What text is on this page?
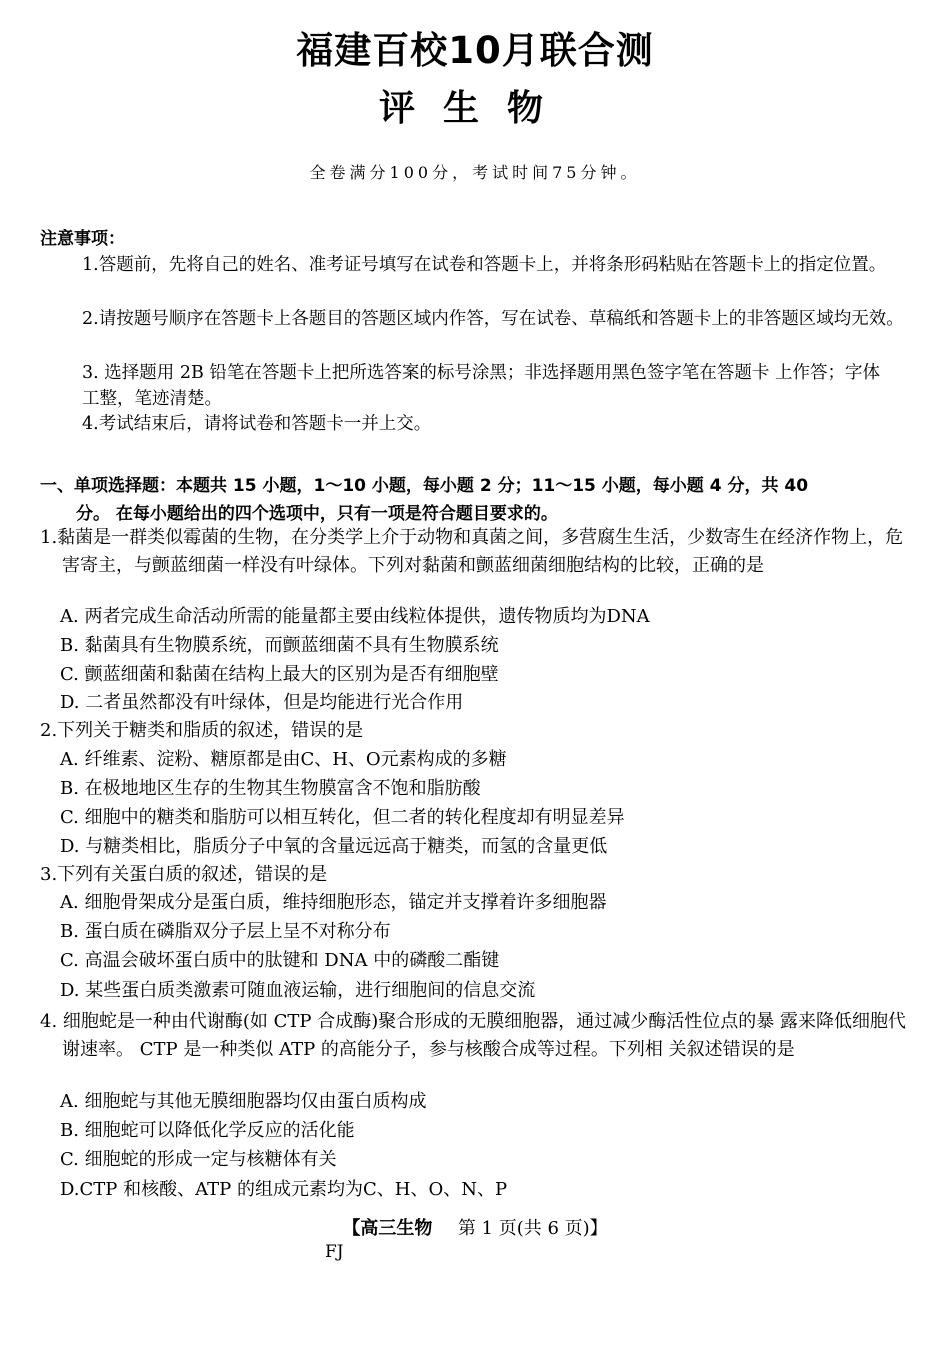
福建百校10月联合测
评生物
全卷满分100分，考试时间75分钟。
注意事项：
1.答题前，先将自己的姓名、准考证号填写在试卷和答题卡上，并将条形码粘贴在答题卡上的指定位置。
2.请按题号顺序在答题卡上各题目的答题区域内作答，写在试卷、草稿纸和答题卡上的非答题区域均无效。
3. 选择题用 2B 铅笔在答题卡上把所选答案的标号涂黑；非选择题用黑色签字笔在答题卡 上作答；字体工整，笔迹清楚。
4.考试结束后，请将试卷和答题卡一并上交。
一、单项选择题：本题共 15 小题，1～10 小题，每小题 2 分；11～15 小题，每小题 4 分，共 40
分。 在每小题给出的四个选项中，只有一项是符合题目要求的。
1.黏菌是一群类似霉菌的生物，在分类学上介于动物和真菌之间，多营腐生生活，少数寄生在经济作物上，危害寄主，与颤蓝细菌一样没有叶绿体。下列对黏菌和颤蓝细菌细胞结构的比较，正确的是
A. 两者完成生命活动所需的能量都主要由线粒体提供，遗传物质均为DNA
B. 黏菌具有生物膜系统，而颤蓝细菌不具有生物膜系统
C. 颤蓝细菌和黏菌在结构上最大的区别为是否有细胞壁
D. 二者虽然都没有叶绿体，但是均能进行光合作用
2.下列关于糖类和脂质的叙述，错误的是
A. 纤维素、淀粉、糖原都是由C、H、O元素构成的多糖
B. 在极地地区生存的生物其生物膜富含不饱和脂肪酸
C. 细胞中的糖类和脂肪可以相互转化，但二者的转化程度却有明显差异
D. 与糖类相比，脂质分子中氧的含量远远高于糖类，而氢的含量更低
3.下列有关蛋白质的叙述，错误的是
A. 细胞骨架成分是蛋白质，维持细胞形态，锚定并支撑着许多细胞器
B. 蛋白质在磷脂双分子层上呈不对称分布
C. 高温会破坏蛋白质中的肽键和 DNA 中的磷酸二酯键
D. 某些蛋白质类激素可随血液运输，进行细胞间的信息交流
4. 细胞蛇是一种由代谢酶(如 CTP 合成酶)聚合形成的无膜细胞器，通过减少酶活性位点的暴 露来降低细胞代谢速率。 CTP 是一种类似 ATP 的高能分子，参与核酸合成等过程。下列相 关叙述错误的是
A. 细胞蛇与其他无膜细胞器均仅由蛋白质构成
B. 细胞蛇可以降低化学反应的活化能
C. 细胞蛇的形成一定与核糖体有关
D.CTP 和核酸、ATP 的组成元素均为C、H、O、N、P
【高三生物 第 1 页(共 6 页)】
FJ
